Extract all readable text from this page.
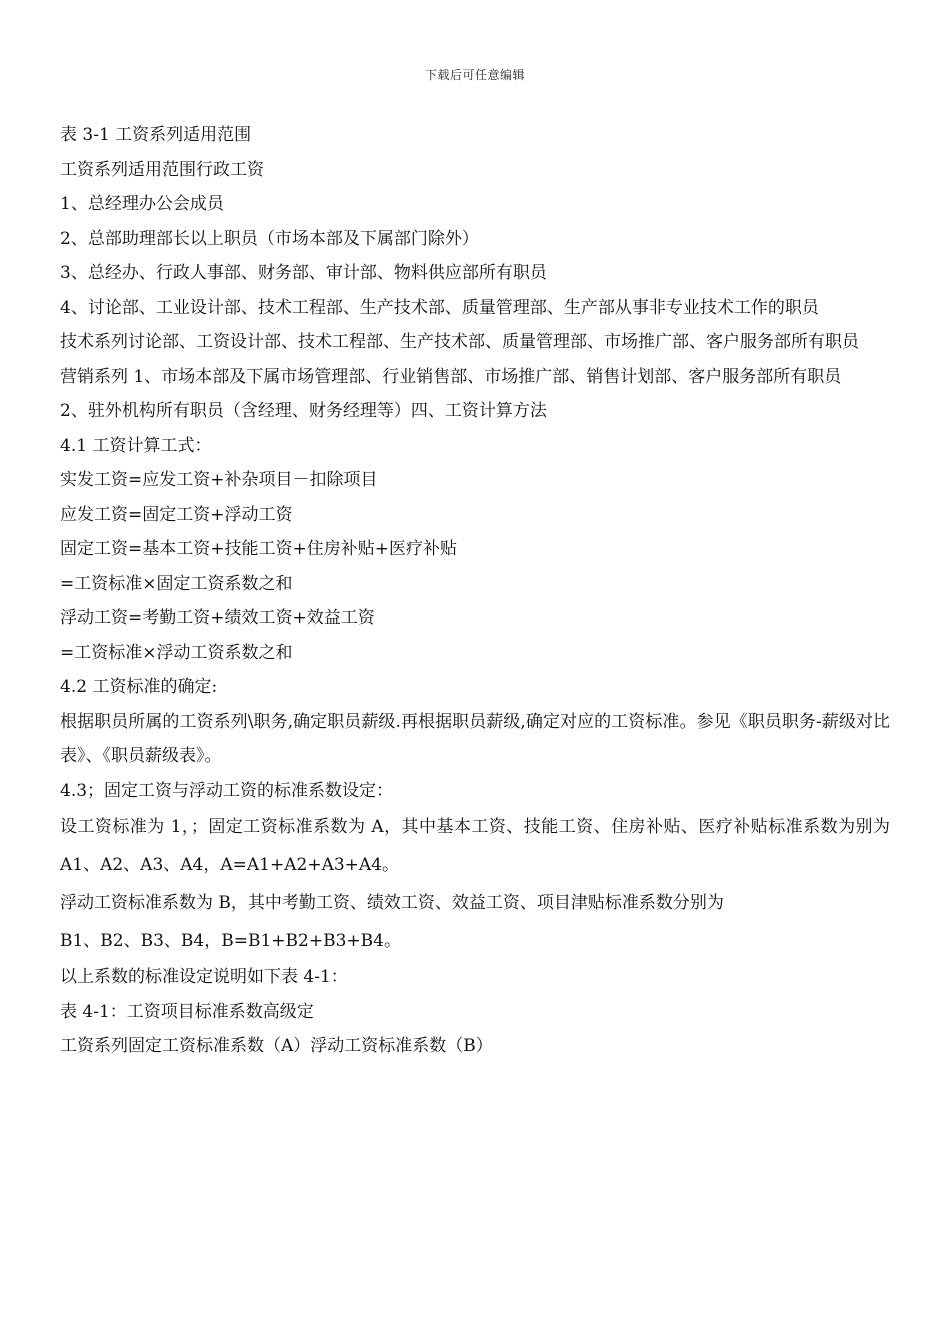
下载后可任意编辑
表 3-1 工资系列适用范围
工资系列适用范围行政工资
1、总经理办公会成员
2、总部助理部长以上职员（市场本部及下属部门除外）
3、总经办、行政人事部、财务部、审计部、物料供应部所有职员
4、讨论部、工业设计部、技术工程部、生产技术部、质量管理部、生产部从事非专业技术工作的职员
技术系列讨论部、工资设计部、技术工程部、生产技术部、质量管理部、市场推广部、客户服务部所有职员
营销系列 1、市场本部及下属市场管理部、行业销售部、市场推广部、销售计划部、客户服务部所有职员
2、驻外机构所有职员（含经理、财务经理等）四、工资计算方法
4.1 工资计算工式：
实发工资=应发工资+补杂项目－扣除项目
应发工资=固定工资+浮动工资
固定工资=基本工资+技能工资+住房补贴+医疗补贴
=工资标准×固定工资系数之和
浮动工资=考勤工资+绩效工资+效益工资
=工资标准×浮动工资系数之和
4.2 工资标准的确定:
根据职员所属的工资系列\职务,确定职员薪级.再根据职员薪级,确定对应的工资标准。参见《职员职务-薪级对比表》、《职员薪级表》。
4.3；固定工资与浮动工资的标准系数设定：
设工资标准为 1，；固定工资标准系数为 A，其中基本工资、技能工资、住房补贴、医疗补贴标准系数为别为 A1、A2、A3、A4，A=A1+A2+A3+A4。
浮动工资标准系数为 B，其中考勤工资、绩效工资、效益工资、项目津贴标准系数分别为
B1、B2、B3、B4，B=B1+B2+B3+B4。
以上系数的标准设定说明如下表 4-1：
表 4-1：工资项目标准系数高级定
工资系列固定工资标准系数（A）浮动工资标准系数（B）
